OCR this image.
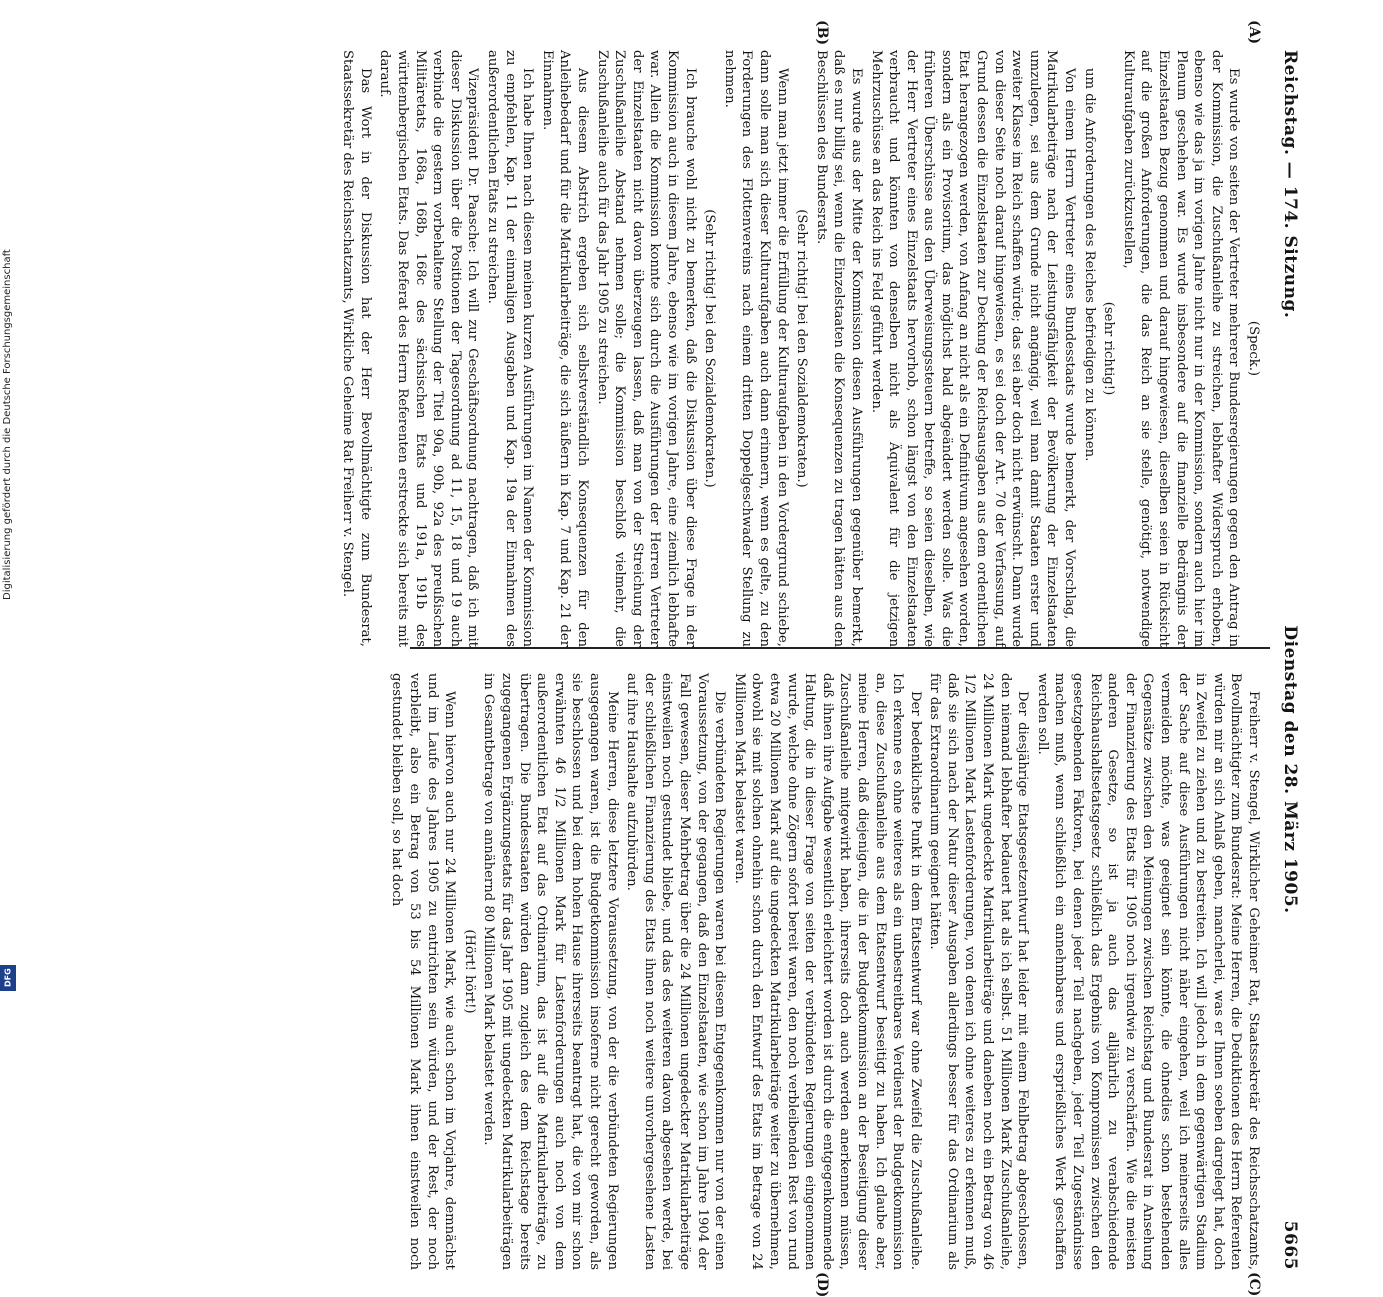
Reichstag. — 174. Sitzung.
Dienstag den 28. März 1905.
5665

(Speck.)

Es wurde von seiten der Vertreter mehrerer Bundesregierungen gegen den Antrag in der Kommission, die Zuschußanleihe zu streichen, lebhafter Widerspruch erhoben, ebenso wie das ja im vorigen Jahre nicht nur in der Kommission, sondern auch hier im Plenum geschehen war. Es wurde insbesondere auf die finanzielle Bedrängnis der Einzelstaaten Bezug genommen und darauf hingewiesen, dieselben seien in Rücksicht auf die großen Anforderungen, die das Reich an sie stelle, genötigt, notwendige Kulturaufgaben zurückzustellen,

(sehr richtig!)

um die Anforderungen des Reiches befriedigen zu können.

Von einem Herrn Vertreter eines Bundesstaats wurde bemerkt, der Vorschlag, die Matrikularbeiträge nach der Leistungsfähigkeit der Bevölkerung der Einzelstaaten umzulegen, sei aus dem Grunde nicht angängig, weil man damit Staaten erster und zweiter Klasse im Reich schaffen würde; das sei aber doch nicht erwünscht. Dann wurde von dieser Seite noch darauf hingewiesen, es sei doch der Art. 70 der Verfassung, auf Grund dessen die Einzelstaaten zur Deckung der Reichsausgaben aus dem ordentlichen Etat herangezogen werden, von Anfang an nicht als ein Definitivum angesehen worden, sondern als ein Provisorium, das möglichst bald abgeändert werden solle. Was die früheren Überschüsse aus den Überweisungssteuern betreffe, so seien dieselben, wie der Herr Vertreter eines Einzelstaats hervorhob, schon längst von den Einzelstaaten verbraucht und könnten von denselben nicht als Äquivalent für die jetzigen Mehrzuschüsse an das Reich ins Feld geführt werden.

Es wurde aus der Mitte der Kommission diesen Ausführungen gegenüber bemerkt, daß es nur billig sei, wenn die Einzelstaaten die Konsequenzen zu tragen hätten aus den Beschlüssen des Bundesrats.

(Sehr richtig! bei den Sozialdemokraten.)

Wenn man jetzt immer die Erfüllung der Kulturaufgaben in den Vordergrund schiebe, dann solle man sich dieser Kulturaufgaben auch dann erinnern, wenn es gelte, zu den Forderungen des Flottenvereins nach einem dritten Doppelgeschwader Stellung zu nehmen.

(Sehr richtig! bei den Sozialdemokraten.)

Ich brauche wohl nicht zu bemerken, daß die Diskussion über diese Frage in der Kommission auch in diesem Jahre, ebenso wie im vorigen Jahre, eine ziemlich lebhafte war. Allein die Kommission konnte sich durch die Ausführungen der Herren Vertreter der Einzelstaaten nicht davon überzeugen lassen, daß man von der Streichung der Zuschußanleihe Abstand nehmen solle; die Kommission beschloß vielmehr, die Zuschußanleihe auch für das Jahr 1905 zu streichen.

Aus diesem Abstrich ergeben sich selbstverständlich Konsequenzen für den Anleihebedarf und für die Matrikularbeiträge, die sich äußern in Kap. 7 und Kap. 21 der Einnahmen.

Ich habe Ihnen nach diesen meinen kurzen Ausführungen im Namen der Kommission zu empfehlen, Kap. 11 der einmaligen Ausgaben und Kap. 19a der Einnahmen des außerordentlichen Etats zu streichen.

Vizepräsident Dr. Paasche: Ich will zur Geschäftsordnung nachtragen, daß ich mit dieser Diskussion über die Positionen der Tagesordnung ad 11, 15, 18 und 19 auch verbinde die gestern vorbehaltene Stellung der Titel 90a, 90b, 92a des preußischen Militäretats, 168a, 168b, 168c des sächsischen Etats und 191a, 191b des württembergischen Etats. Das Referat des Herrn Referenten erstreckte sich bereits mit darauf.

Das Wort in der Diskussion hat der Herr Bevollmächtigte zum Bundesrat, Staatssekretär des Reichsschatzamts, Wirkliche Geheime Rat Freiherr v. Stengel.

Freiherr v. Stengel, Wirklicher Geheimer Rat, Staatssekretär des Reichsschatzamts, Bevollmächtigter zum Bundesrat: Meine Herren, die Deduktionen des Herrn Referenten würden mir an sich Anlaß geben, mancherlei, was er Ihnen soeben dargelegt hat, doch in Zweifel zu ziehen und zu bestreiten. Ich will jedoch in dem gegenwärtigen Stadium der Sache auf diese Ausführungen nicht näher eingehen, weil ich meinerseits alles vermeiden möchte, was geeignet sein könnte, die ohnedies schon bestehenden Gegensätze zwischen den Meinungen zwischen Reichstag und Bundesrat in Ansehung der Finanzierung des Etats für 1905 noch irgendwie zu verschärfen. Wie die meisten anderen Gesetze, so ist ja auch das alljährlich zu verabschiedende Reichshaushaltsetatsgesetz schließlich das Ergebnis von Kompromissen zwischen den gesetzgebenden Faktoren, bei denen jeder Teil nachgeben, jeder Teil Zugeständnisse machen muß, wenn schließlich ein annehmbares und ersprießliches Werk geschaffen werden soll.

Der diesjährige Etatsgesetzentwurf hat leider mit einem Fehlbetrag abgeschlossen, den niemand lebhafter bedauert hat als ich selbst. 51 Millionen Mark Zuschußanleihe, 24 Millionen Mark ungedeckte Matrikularbeiträge und daneben noch ein Betrag von 46 1/2 Millionen Mark Lastenforderungen, von denen ich ohne weiteres zu erkennen muß, daß sie sich nach der Natur dieser Ausgaben allerdings besser für das Ordinarium als für das Extraordinarium geeignet hätten.

Der bedenklichste Punkt in dem Etatsentwurf war ohne Zweifel die Zuschußanleihe. Ich erkenne es ohne weiteres als ein unbestreitbares Verdienst der Budgetkommission an, diese Zuschußanleihe aus dem Etatsentwurf beseitigt zu haben. Ich glaube aber, meine Herren, daß diejenigen, die in der Budgetkommission an der Beseitigung dieser Zuschußanleihe mitgewirkt haben, ihrerseits doch auch werden anerkennen müssen, daß ihnen ihre Aufgabe wesentlich erleichtert worden ist durch die entgegenkommende Haltung, die in dieser Frage von seiten der verbündeten Regierungen eingenommen wurde, welche ohne Zögern sofort bereit waren, den noch verbleibenden Rest von rund etwa 20 Millionen Mark auf die ungedeckten Matrikularbeiträge weiter zu übernehmen, obwohl sie mit solchen ohnehin schon durch den Entwurf des Etats im Betrage von 24 Millionen Mark belastet waren.

Die verbündeten Regierungen waren bei diesem Entgegenkommen nur von der einen Voraussetzung, von der gegangen, daß den Einzelstaaten, wie schon im Jahre 1904 der Fall gewesen, dieser Mehrbetrag über die 24 Millionen ungedeckter Matrikularbeiträge einstweilen noch gestundet bliebe, und das des weiteren davon abgesehen werde, bei der schließlichen Finanzierung des Etats ihnen noch weitere unvorhergesehene Lasten auf ihre Haushalte aufzubürden.

Meine Herren, diese letztere Voraussetzung, von der die verbündeten Regierungen ausgegangen waren, ist die Budgetkommission insoferne nicht gerecht geworden, als sie beschlossen und bei dem hohen Hause ihrerseits beantragt hat, die von mir schon erwähnten 46 1/2 Millionen Mark für Lastenforderungen auch noch von dem außerordentlichen Etat auf das Ordinarium, das ist auf die Matrikularbeiträge, zu übertragen. Die Bundesstaaten würden dann zugleich des dem Reichstage bereits zugegangenen Ergänzungsetats für das Jahr 1905 mit ungedeckten Matrikularbeiträgen im Gesamtbetrage von annähernd 80 Millionen Mark belastet werden.

(Hört! hört!)

Wenn hiervon auch nur 24 Millionen Mark, wie auch schon im Vorjahre, demnächst und im Laufe des Jahres 1905 zu entrichten sein würden, und der Rest, der noch verbleibt, also ein Betrag von 53 bis 54 Millionen Mark ihnen einstweilen noch gestundet bleiben soll, so hat doch

(A)
(B)
(C)
(D)
Digitalisierung gefördert durch die Deutsche Forschungsgemeinschaft
DFG
